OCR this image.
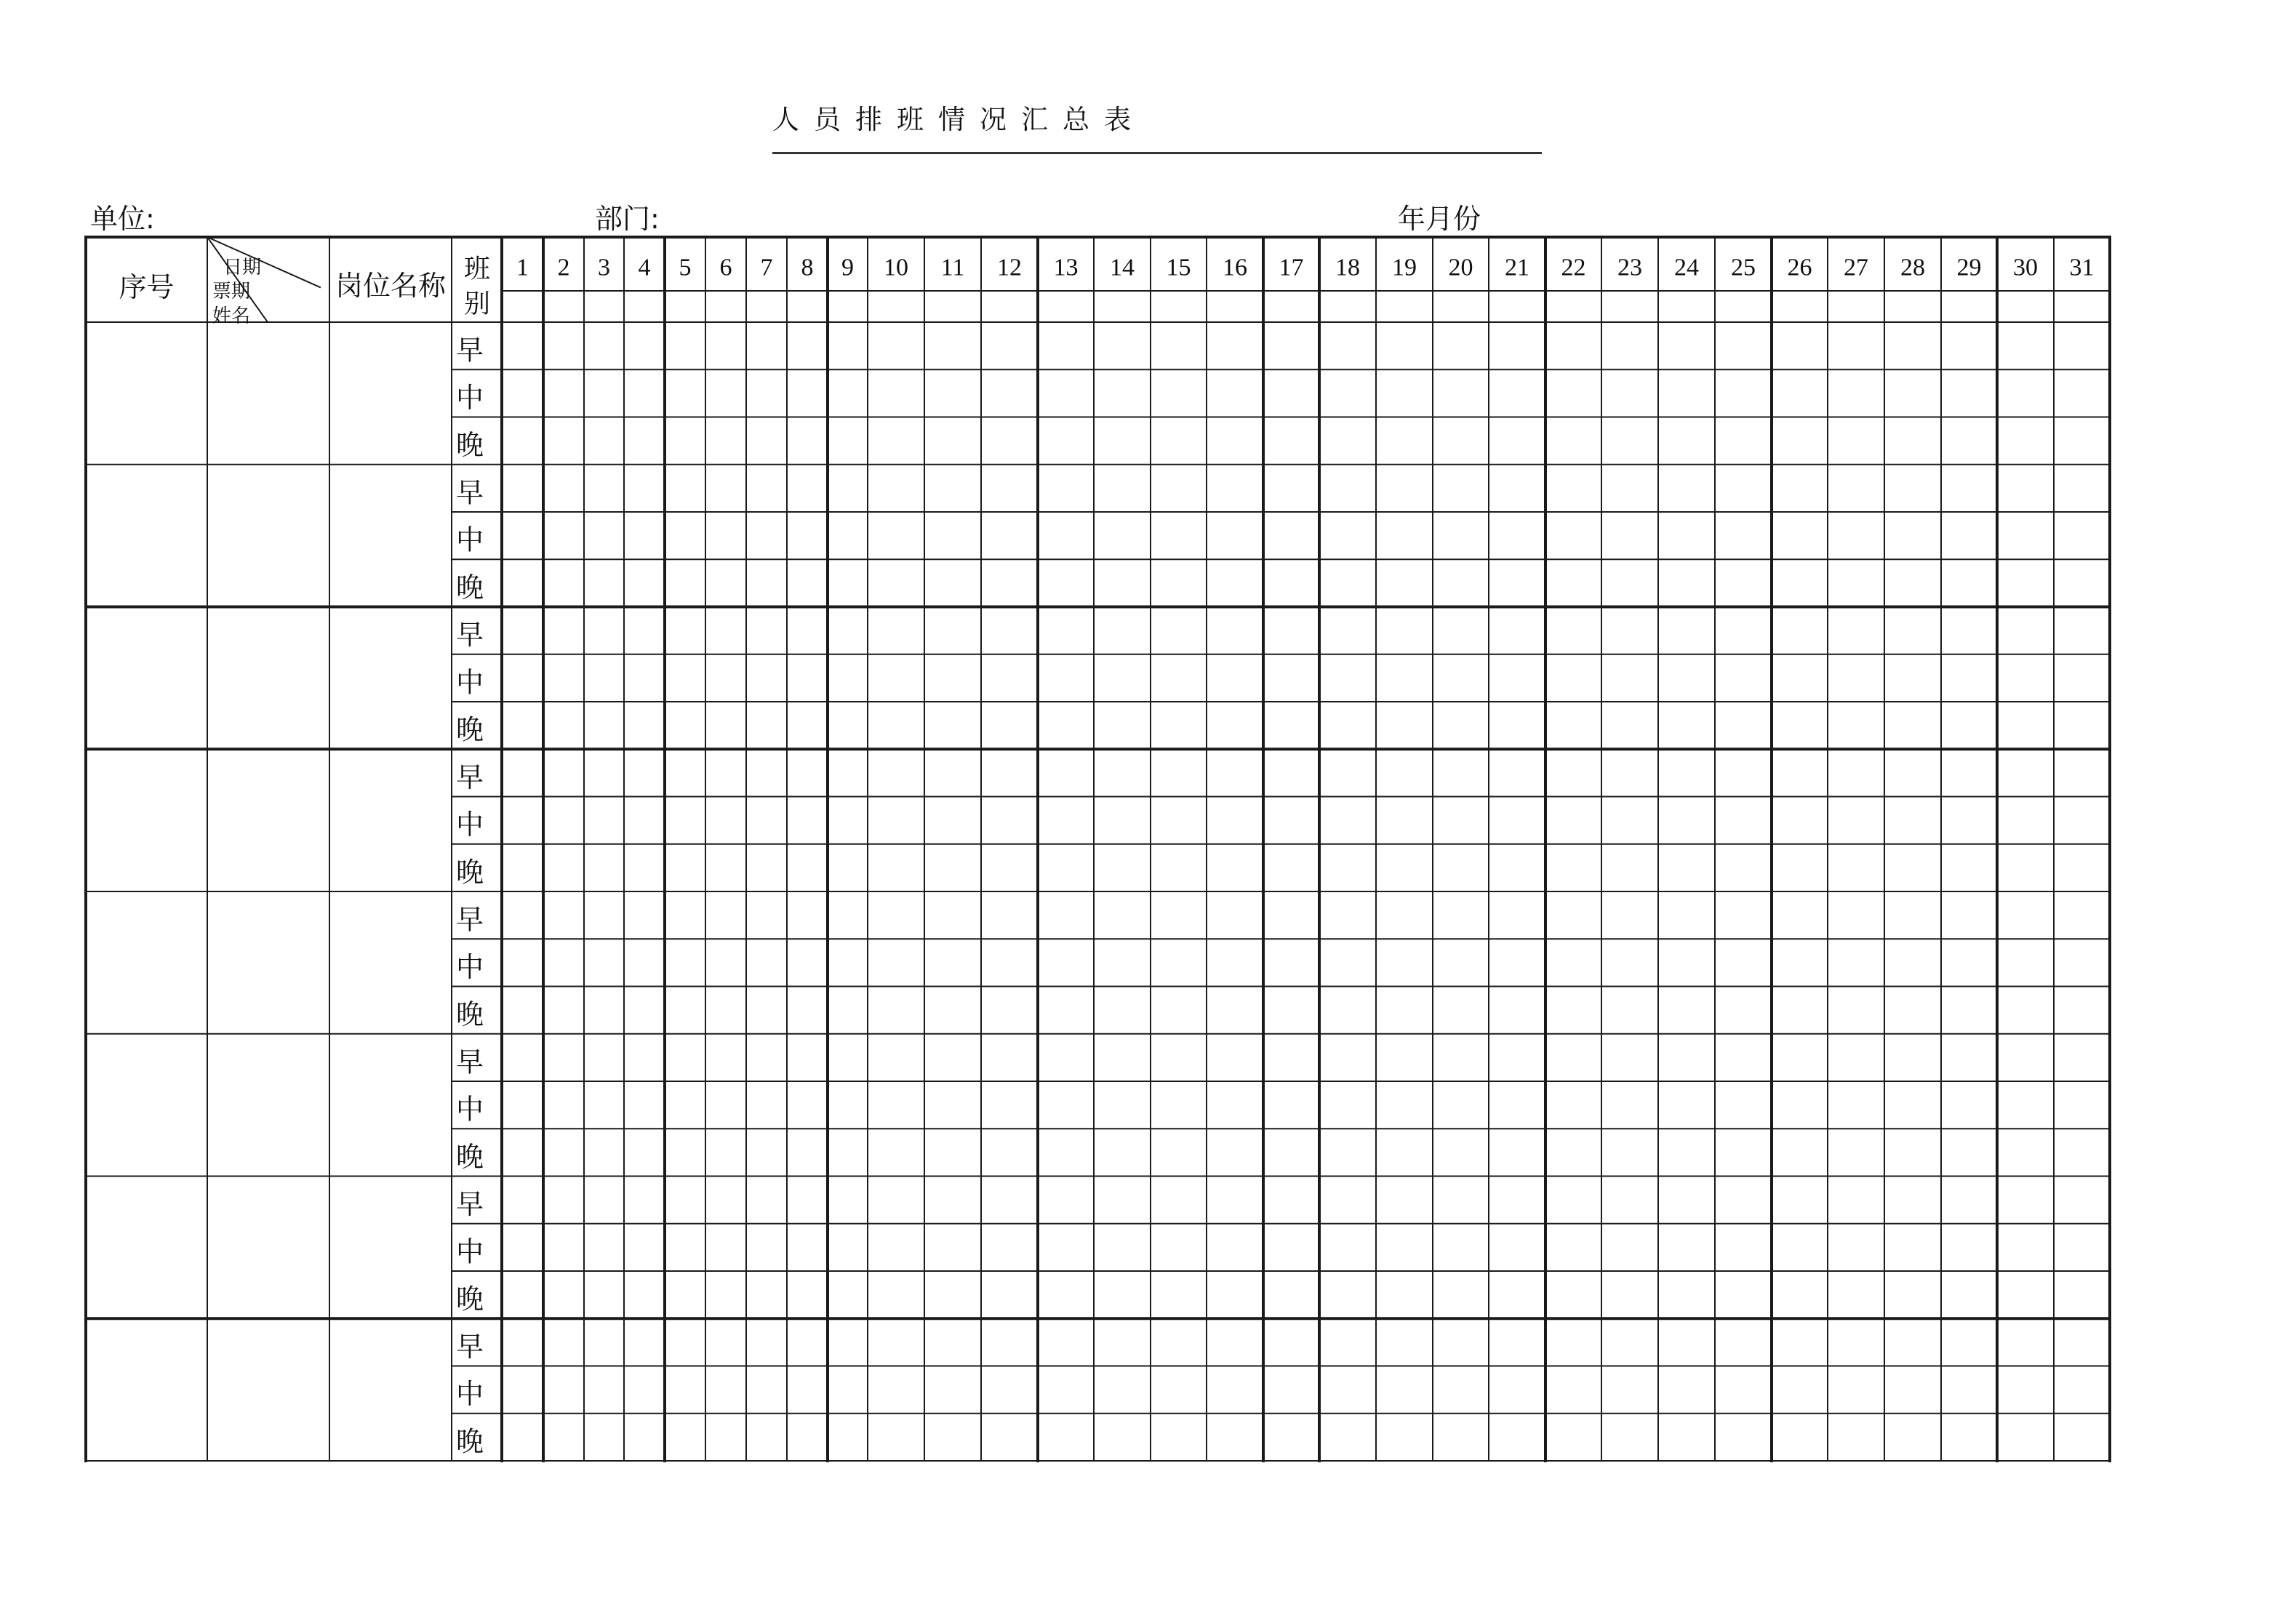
人员排班情况汇总表
单位:	部门:	年月份
序号
日期
票期
姓名
岗位名称
班
别
1 2 3 4 5 6 7 8 9 10 11 12 13 14 15 16 17 18 19 20 21 22 23 24 25 26 27 28 29 30 31
早
中
晚
早
中
晚
早
中
晚
早
中
晚
早
中
晚
早
中
晚
早
中
晚
早
中
晚
